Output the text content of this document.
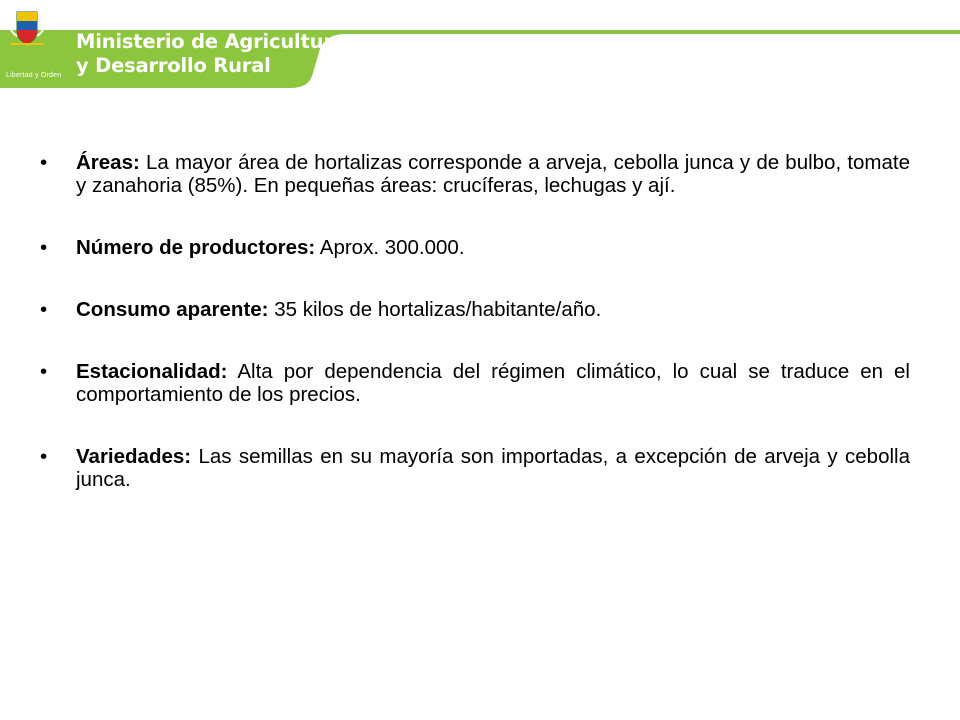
Libertad y Orden
Ministerio de Agricultura
y Desarrollo Rural
• Áreas: La mayor área de hortalizas corresponde a arveja, cebolla junca y de bulbo, tomate y zanahoria (85%). En pequeñas áreas: crucíferas, lechugas y ají.
• Número de productores: Aprox. 300.000.
• Consumo aparente: 35 kilos de hortalizas/habitante/año.
• Estacionalidad: Alta por dependencia del régimen climático, lo cual se traduce en el comportamiento de los precios.
• Variedades: Las semillas en su mayoría son importadas, a excepción de arveja y cebolla junca.
